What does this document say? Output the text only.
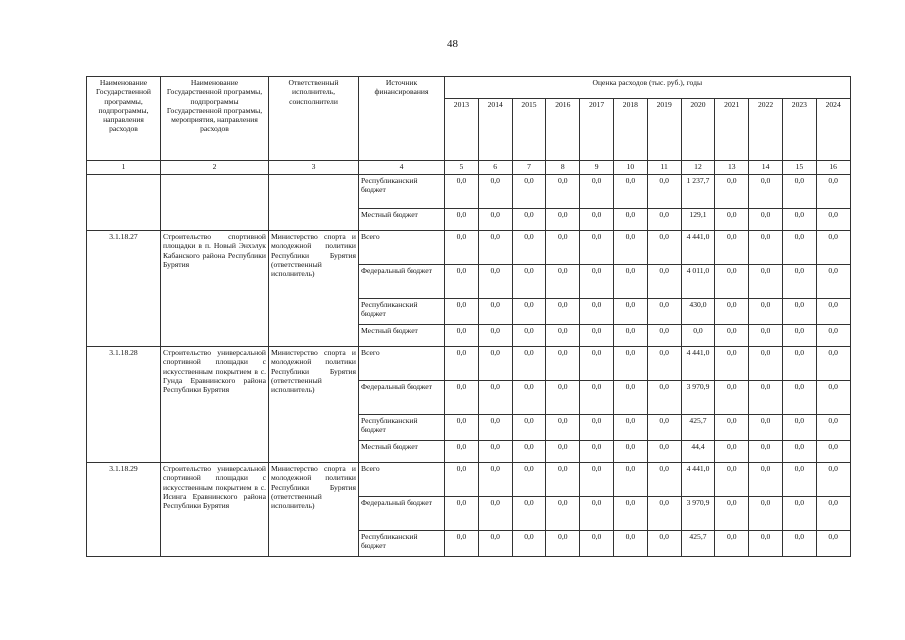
48
Наименование Государственной программы, подпрограммы, направления расходов	Наименование Государственной программы, подпрограммы Государственной программы, мероприятия, направления расходов	Ответственный исполнитель, соисполнители	Источник финансирования	Оценка расходов (тыс. руб.), годы											
				2013	2014	2015	2016	2017	2018	2019	2020	2021	2022	2023	2024
1	2	3	4	5	6	7	8	9	10	11	12	13	14	15	16
			Республиканский бюджет	0,0	0,0	0,0	0,0	0,0	0,0	0,0	1 237,7	0,0	0,0	0,0	0,0
			Местный бюджет	0,0	0,0	0,0	0,0	0,0	0,0	0,0	129,1	0,0	0,0	0,0	0,0
3.1.18.27	Строительство спортивной площадки в п. Новый Энхэлук Кабанского района Республики Бурятия	Министерство спорта и молодежной политики Республики Бурятия (ответственный исполнитель)	Всего	0,0	0,0	0,0	0,0	0,0	0,0	0,0	4 441,0	0,0	0,0	0,0	0,0
			Федеральный бюджет	0,0	0,0	0,0	0,0	0,0	0,0	0,0	4 011,0	0,0	0,0	0,0	0,0
			Республиканский бюджет	0,0	0,0	0,0	0,0	0,0	0,0	0,0	430,0	0,0	0,0	0,0	0,0
			Местный бюджет	0,0	0,0	0,0	0,0	0,0	0,0	0,0	0,0	0,0	0,0	0,0	0,0
3.1.18.28	Строительство универсальной спортивной площадки с искусственным покрытием в с. Гунда Еравнинского района Республики Бурятия	Министерство спорта и молодежной политики Республики Бурятия (ответственный исполнитель)	Всего	0,0	0,0	0,0	0,0	0,0	0,0	0,0	4 441,0	0,0	0,0	0,0	0,0
			Федеральный бюджет	0,0	0,0	0,0	0,0	0,0	0,0	0,0	3 970,9	0,0	0,0	0,0	0,0
			Республиканский бюджет	0,0	0,0	0,0	0,0	0,0	0,0	0,0	425,7	0,0	0,0	0,0	0,0
			Местный бюджет	0,0	0,0	0,0	0,0	0,0	0,0	0,0	44,4	0,0	0,0	0,0	0,0
3.1.18.29	Строительство универсальной спортивной площадки с искусственным покрытием в с. Исингa Еравнинского района Республики Бурятия	Министерство спорта и молодежной политики Республики Бурятия (ответственный исполнитель)	Всего	0,0	0,0	0,0	0,0	0,0	0,0	0,0	4 441,0	0,0	0,0	0,0	0,0
			Федеральный бюджет	0,0	0,0	0,0	0,0	0,0	0,0	0,0	3 970,9	0,0	0,0	0,0	0,0
			Республиканский бюджет	0,0	0,0	0,0	0,0	0,0	0,0	0,0	425,7	0,0	0,0	0,0	0,0
